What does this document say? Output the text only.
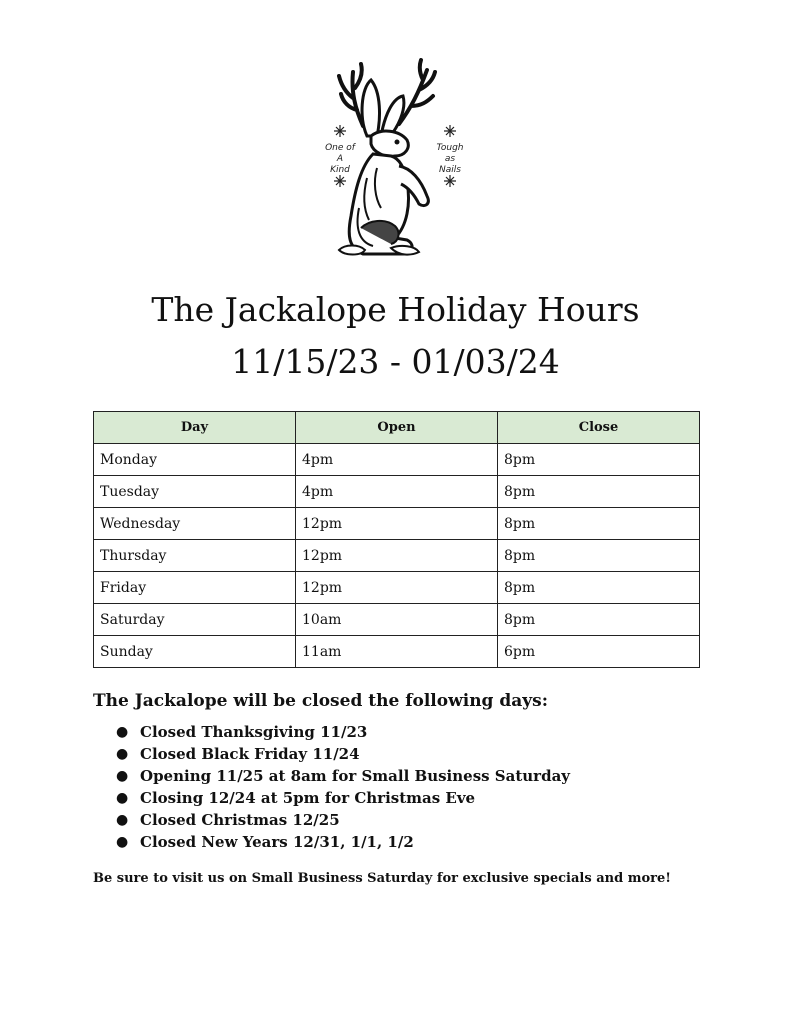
One of
A
Kind
Tough
as
Nails
The Jackalope Holiday Hours
11/15/23 - 01/03/24
Day	Open	Close
Monday	4pm	8pm
Tuesday	4pm	8pm
Wednesday	12pm	8pm
Thursday	12pm	8pm
Friday	12pm	8pm
Saturday	10am	8pm
Sunday	11am	6pm

The Jackalope will be closed the following days:

● Closed Thanksgiving 11/23
● Closed Black Friday 11/24
● Opening 11/25 at 8am for Small Business Saturday
● Closing 12/24 at 5pm for Christmas Eve
● Closed Christmas 12/25
● Closed New Years 12/31, 1/1, 1/2

Be sure to visit us on Small Business Saturday for exclusive specials and more!
